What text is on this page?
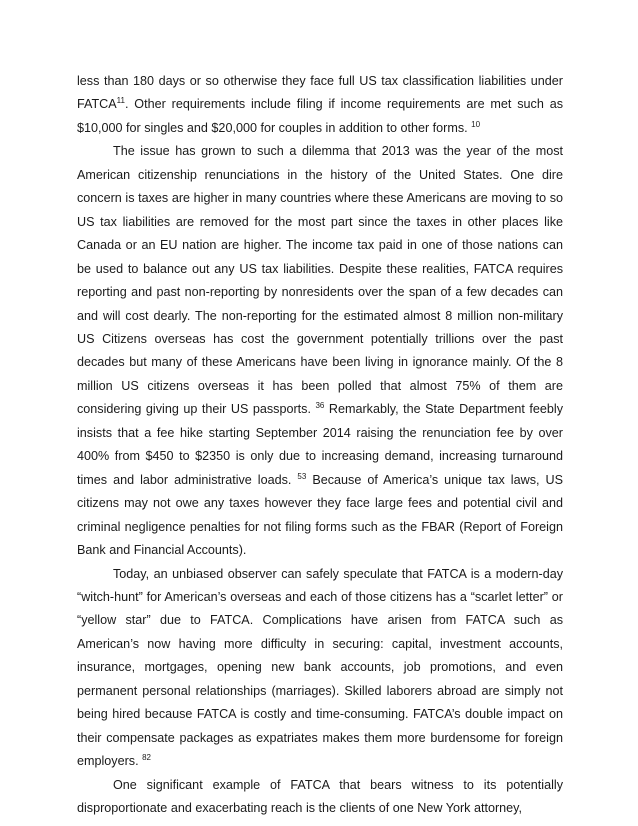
less than 180 days or so otherwise they face full US tax classification liabilities under FATCA$^{11}$. Other requirements include filing if income requirements are met such as $10,000 for singles and $20,000 for couples in addition to other forms. $^{10}$

The issue has grown to such a dilemma that 2013 was the year of the most American citizenship renunciations in the history of the United States. One dire concern is taxes are higher in many countries where these Americans are moving to so US tax liabilities are removed for the most part since the taxes in other places like Canada or an EU nation are higher. The income tax paid in one of those nations can be used to balance out any US tax liabilities. Despite these realities, FATCA requires reporting and past non-reporting by nonresidents over the span of a few decades can and will cost dearly. The non-reporting for the estimated almost 8 million non-military US Citizens overseas has cost the government potentially trillions over the past decades but many of these Americans have been living in ignorance mainly. Of the 8 million US citizens overseas it has been polled that almost 75% of them are considering giving up their US passports. $^{36}$ Remarkably, the State Department feebly insists that a fee hike starting September 2014 raising the renunciation fee by over 400% from $450 to $2350 is only due to increasing demand, increasing turnaround times and labor administrative loads. $^{53}$ Because of America’s unique tax laws, US citizens may not owe any taxes however they face large fees and potential civil and criminal negligence penalties for not filing forms such as the FBAR (Report of Foreign Bank and Financial Accounts).

Today, an unbiased observer can safely speculate that FATCA is a modern-day “witch-hunt” for American’s overseas and each of those citizens has a “scarlet letter” or “yellow star” due to FATCA. Complications have arisen from FATCA such as American’s now having more difficulty in securing: capital, investment accounts, insurance, mortgages, opening new bank accounts, job promotions, and even permanent personal relationships (marriages). Skilled laborers abroad are simply not being hired because FATCA is costly and time-consuming. FATCA’s double impact on their compensate packages as expatriates makes them more burdensome for foreign employers. $^{82}$

One significant example of FATCA that bears witness to its potentially disproportionate and exacerbating reach is the clients of one New York attorney,
